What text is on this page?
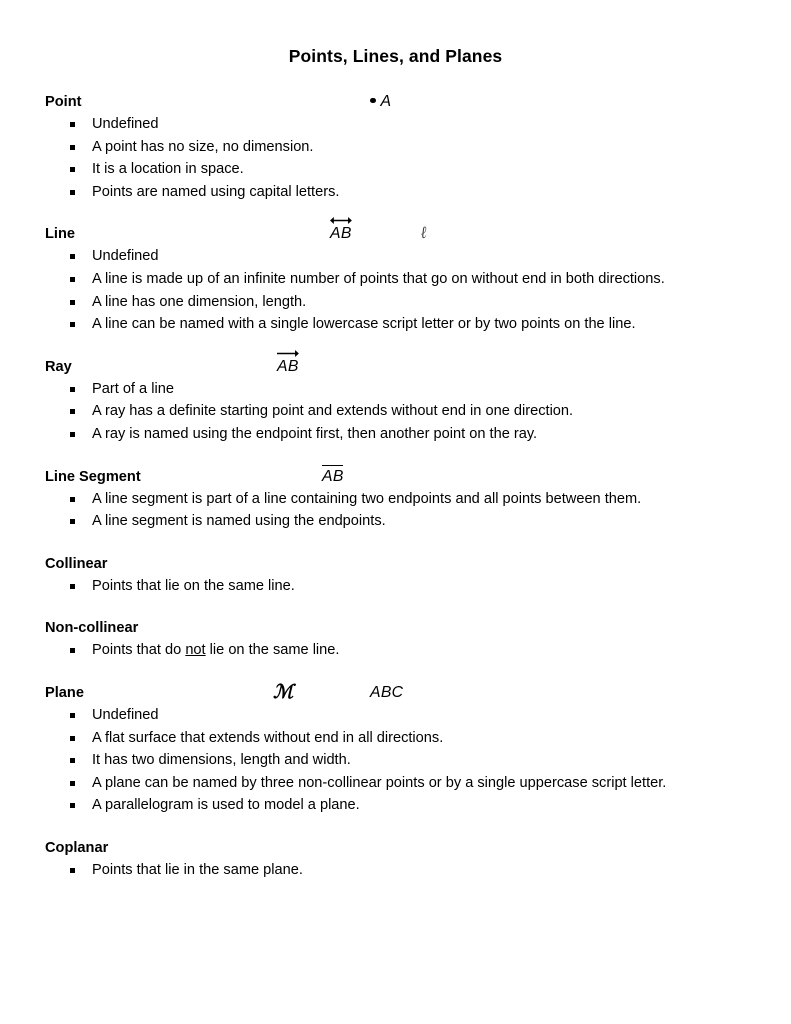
Points, Lines, and Planes
Point	A
Undefined
A point has no size, no dimension.
It is a location in space.
Points are named using capital letters.
Line	AB	ℓ
Undefined
A line is made up of an infinite number of points that go on without end in both directions.
A line has one dimension, length.
A line can be named with a single lowercase script letter or by two points on the line.
Ray	AB
Part of a line
A ray has a definite starting point and extends without end in one direction.
A ray is named using the endpoint first, then another point on the ray.
Line Segment	AB
A line segment is part of a line containing two endpoints and all points between them.
A line segment is named using the endpoints.
Collinear
Points that lie on the same line.
Non-collinear
Points that do not lie on the same line.
Plane	ℳ	ABC
Undefined
A flat surface that extends without end in all directions.
It has two dimensions, length and width.
A plane can be named by three non-collinear points or by a single uppercase script letter.
A parallelogram is used to model a plane.
Coplanar
Points that lie in the same plane.
